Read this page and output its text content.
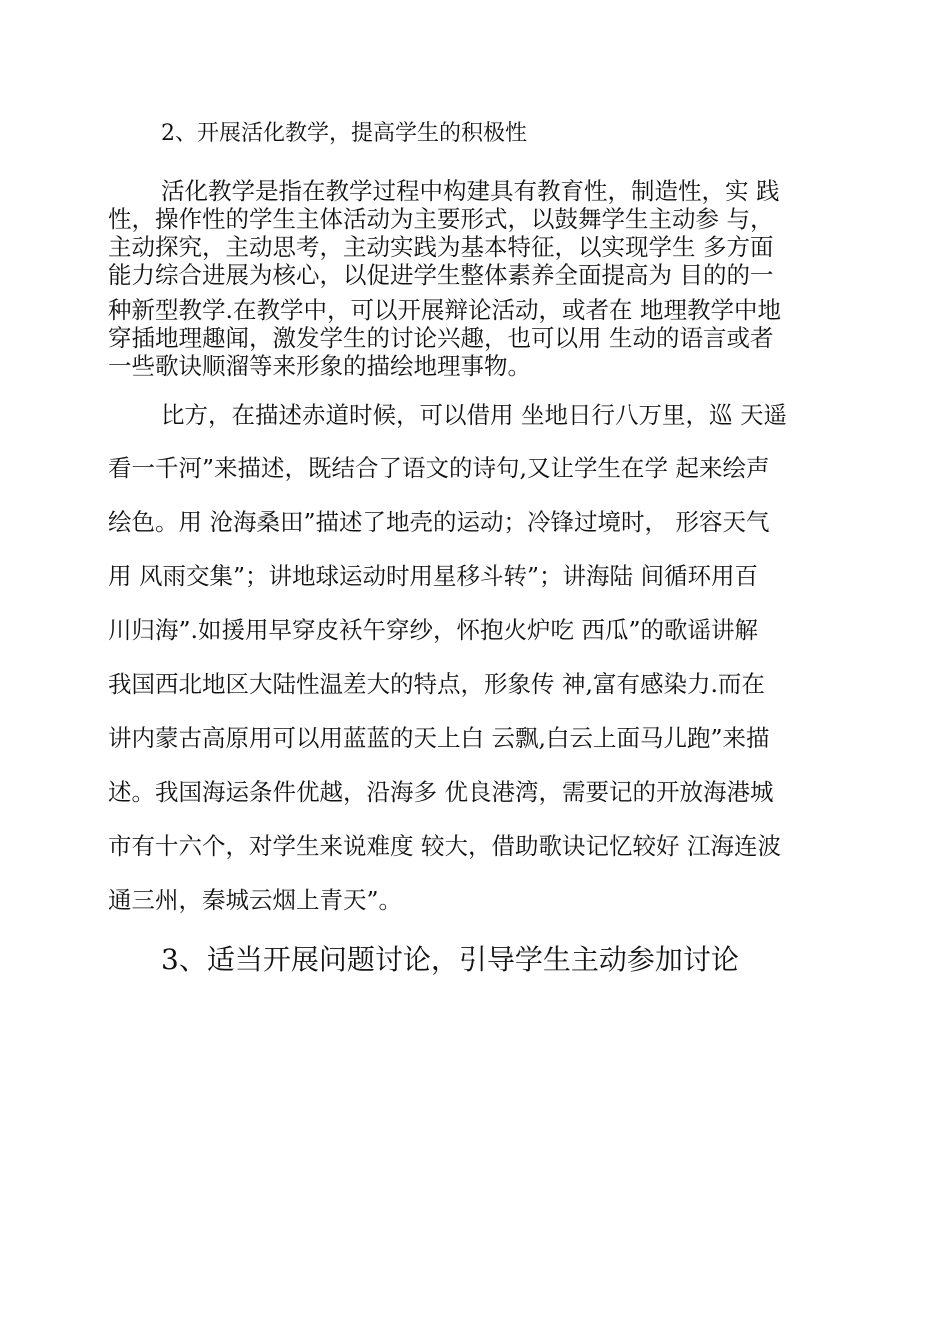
2、开展活化教学，提高学生的积极性
活化教学是指在教学过程中构建具有教育性，制造性，实 践
性，操作性的学生主体活动为主要形式，以鼓舞学生主动参 与，
主动探究，主动思考，主动实践为基本特征，以实现学生 多方面
能力综合进展为核心，以促进学生整体素养全面提高为 目的的一
种新型教学.在教学中，可以开展辩论活动，或者在 地理教学中地
穿插地理趣闻，激发学生的讨论兴趣，也可以用 生动的语言或者
一些歌诀顺溜等来形象的描绘地理事物。
比方，在描述赤道时候，可以借用 坐地日行八万里，巡 天遥
看一千河”来描述，既结合了语文的诗句,又让学生在学 起来绘声
绘色。用 沧海桑田”描述了地壳的运动；冷锋过境时， 形容天气
用 风雨交集”；讲地球运动时用星移斗转”；讲海陆 间循环用百
川归海”.如援用早穿皮袄午穿纱，怀抱火炉吃 西瓜”的歌谣讲解
我国西北地区大陆性温差大的特点，形象传 神,富有感染力.而在
讲内蒙古高原用可以用蓝蓝的天上白 云飘,白云上面马儿跑”来描
述。我国海运条件优越，沿海多 优良港湾，需要记的开放海港城
市有十六个，对学生来说难度 较大，借助歌诀记忆较好 江海连波
通三州，秦城云烟上青天”。
3、适当开展问题讨论，引导学生主动参加讨论
